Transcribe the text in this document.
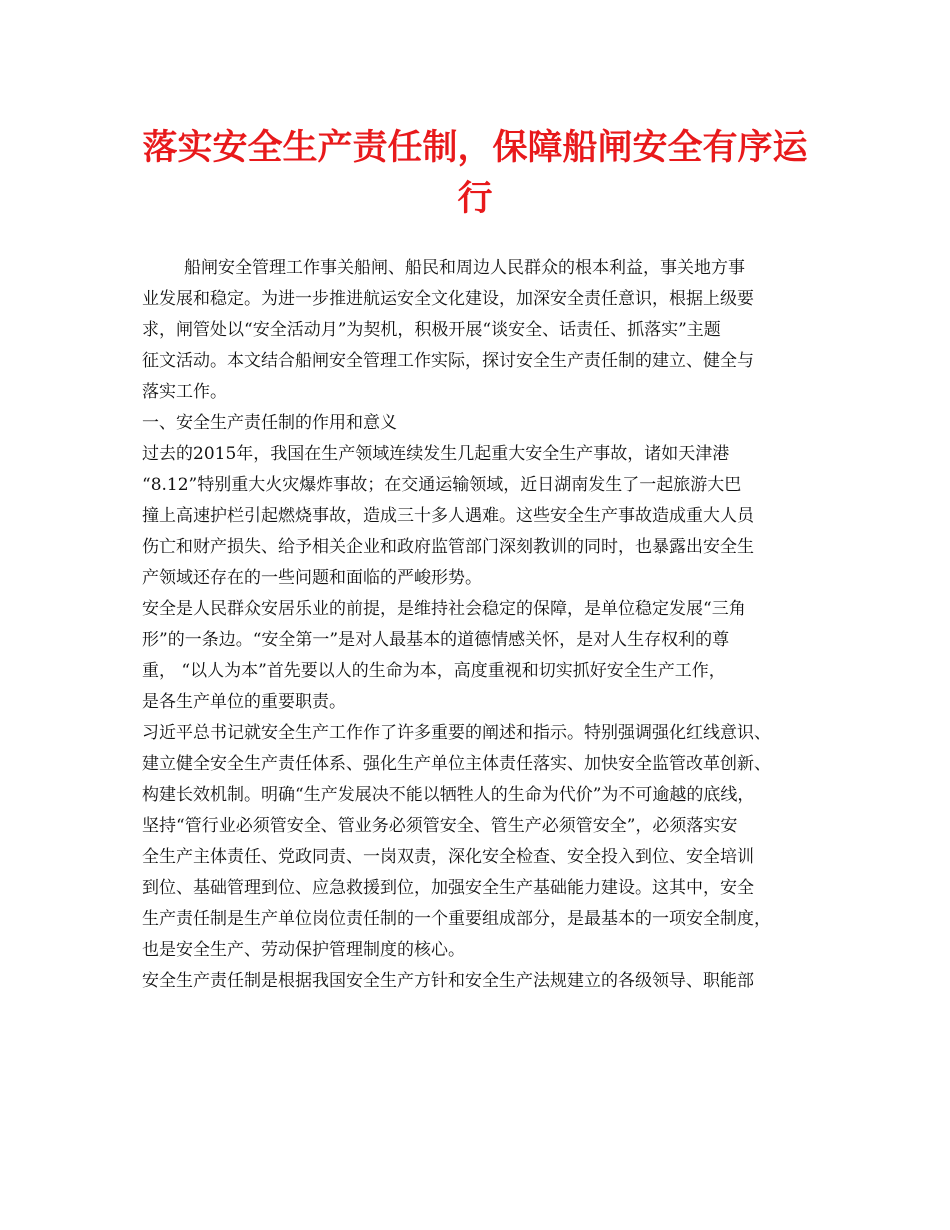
落实安全生产责任制，保障船闸安全有序运
行
船闸安全管理工作事关船闸、船民和周边人民群众的根本利益，事关地方事
业发展和稳定。为进一步推进航运安全文化建设，加深安全责任意识，根据上级要
求，闸管处以“安全活动月”为契机，积极开展“谈安全、话责任、抓落实”主题
征文活动。本文结合船闸安全管理工作实际，探讨安全生产责任制的建立、健全与
落实工作。
一、安全生产责任制的作用和意义
过去的2015年，我国在生产领域连续发生几起重大安全生产事故，诸如天津港
“8.12”特别重大火灾爆炸事故；在交通运输领域，近日湖南发生了一起旅游大巴
撞上高速护栏引起燃烧事故，造成三十多人遇难。这些安全生产事故造成重大人员
伤亡和财产损失、给予相关企业和政府监管部门深刻教训的同时，也暴露出安全生
产领域还存在的一些问题和面临的严峻形势。
安全是人民群众安居乐业的前提，是维持社会稳定的保障，是单位稳定发展“三角
形”的一条边。“安全第一”是对人最基本的道德情感关怀，是对人生存权利的尊
重， “以人为本”首先要以人的生命为本，高度重视和切实抓好安全生产工作，
是各生产单位的重要职责。
习近平总书记就安全生产工作作了许多重要的阐述和指示。特别强调强化红线意识、
建立健全安全生产责任体系、强化生产单位主体责任落实、加快安全监管改革创新、
构建长效机制。明确“生产发展决不能以牺牲人的生命为代价”为不可逾越的底线，
坚持“管行业必须管安全、管业务必须管安全、管生产必须管安全”，必须落实安
全生产主体责任、党政同责、一岗双责，深化安全检查、安全投入到位、安全培训
到位、基础管理到位、应急救援到位，加强安全生产基础能力建设。这其中，安全
生产责任制是生产单位岗位责任制的一个重要组成部分，是最基本的一项安全制度，
也是安全生产、劳动保护管理制度的核心。
安全生产责任制是根据我国安全生产方针和安全生产法规建立的各级领导、职能部
